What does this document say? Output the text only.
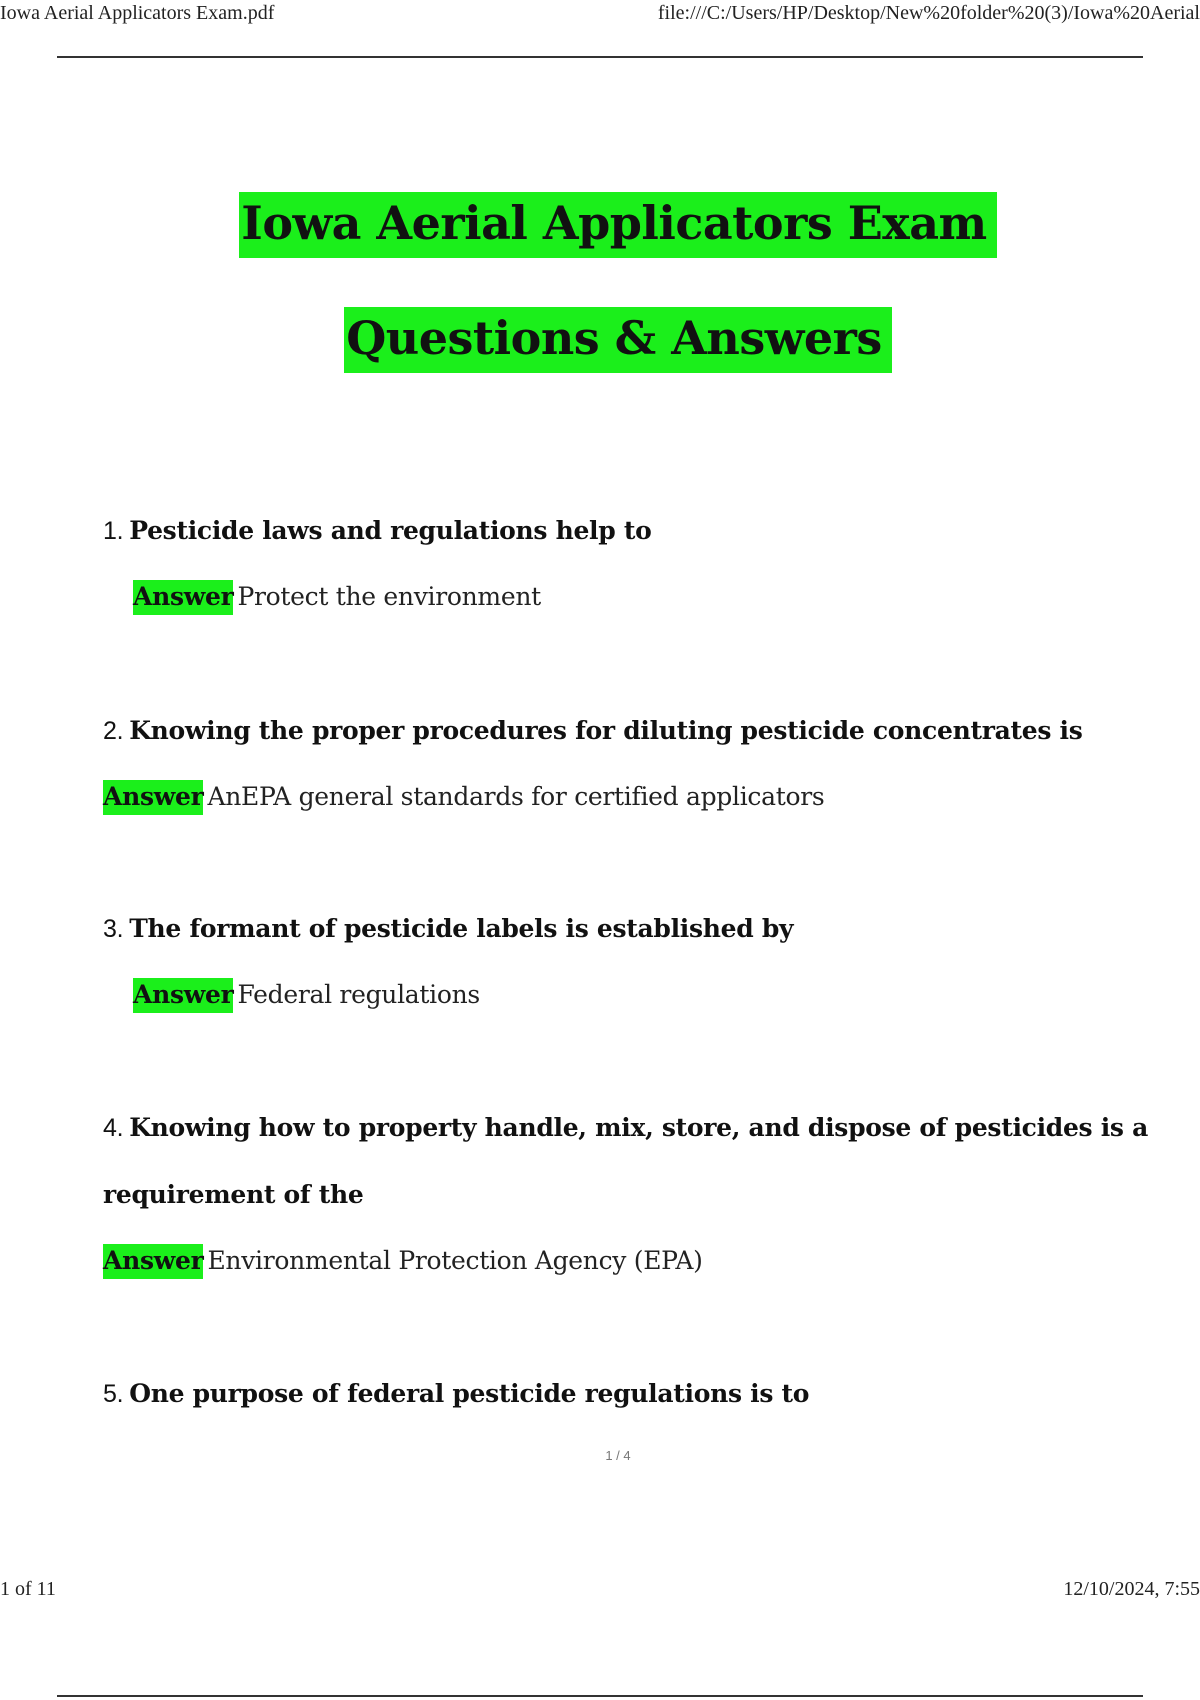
Iowa Aerial Applicators Exam.pdf	file:///C:/Users/HP/Desktop/New%20folder%20(3)/Iowa%20Aerial
Iowa Aerial Applicators Exam
Questions & Answers
1. Pesticide laws and regulations help to
Answer Protect the environment
2. Knowing the proper procedures for diluting pesticide concentrates is
Answer AnEPA general standards for certified applicators
3. The formant of pesticide labels is established by
Answer Federal regulations
4. Knowing how to property handle, mix, store, and dispose of pesticides is a
requirement of the
Answer Environmental Protection Agency (EPA)
5. One purpose of federal pesticide regulations is to
1 / 4
1 of 11	12/10/2024, 7:55
